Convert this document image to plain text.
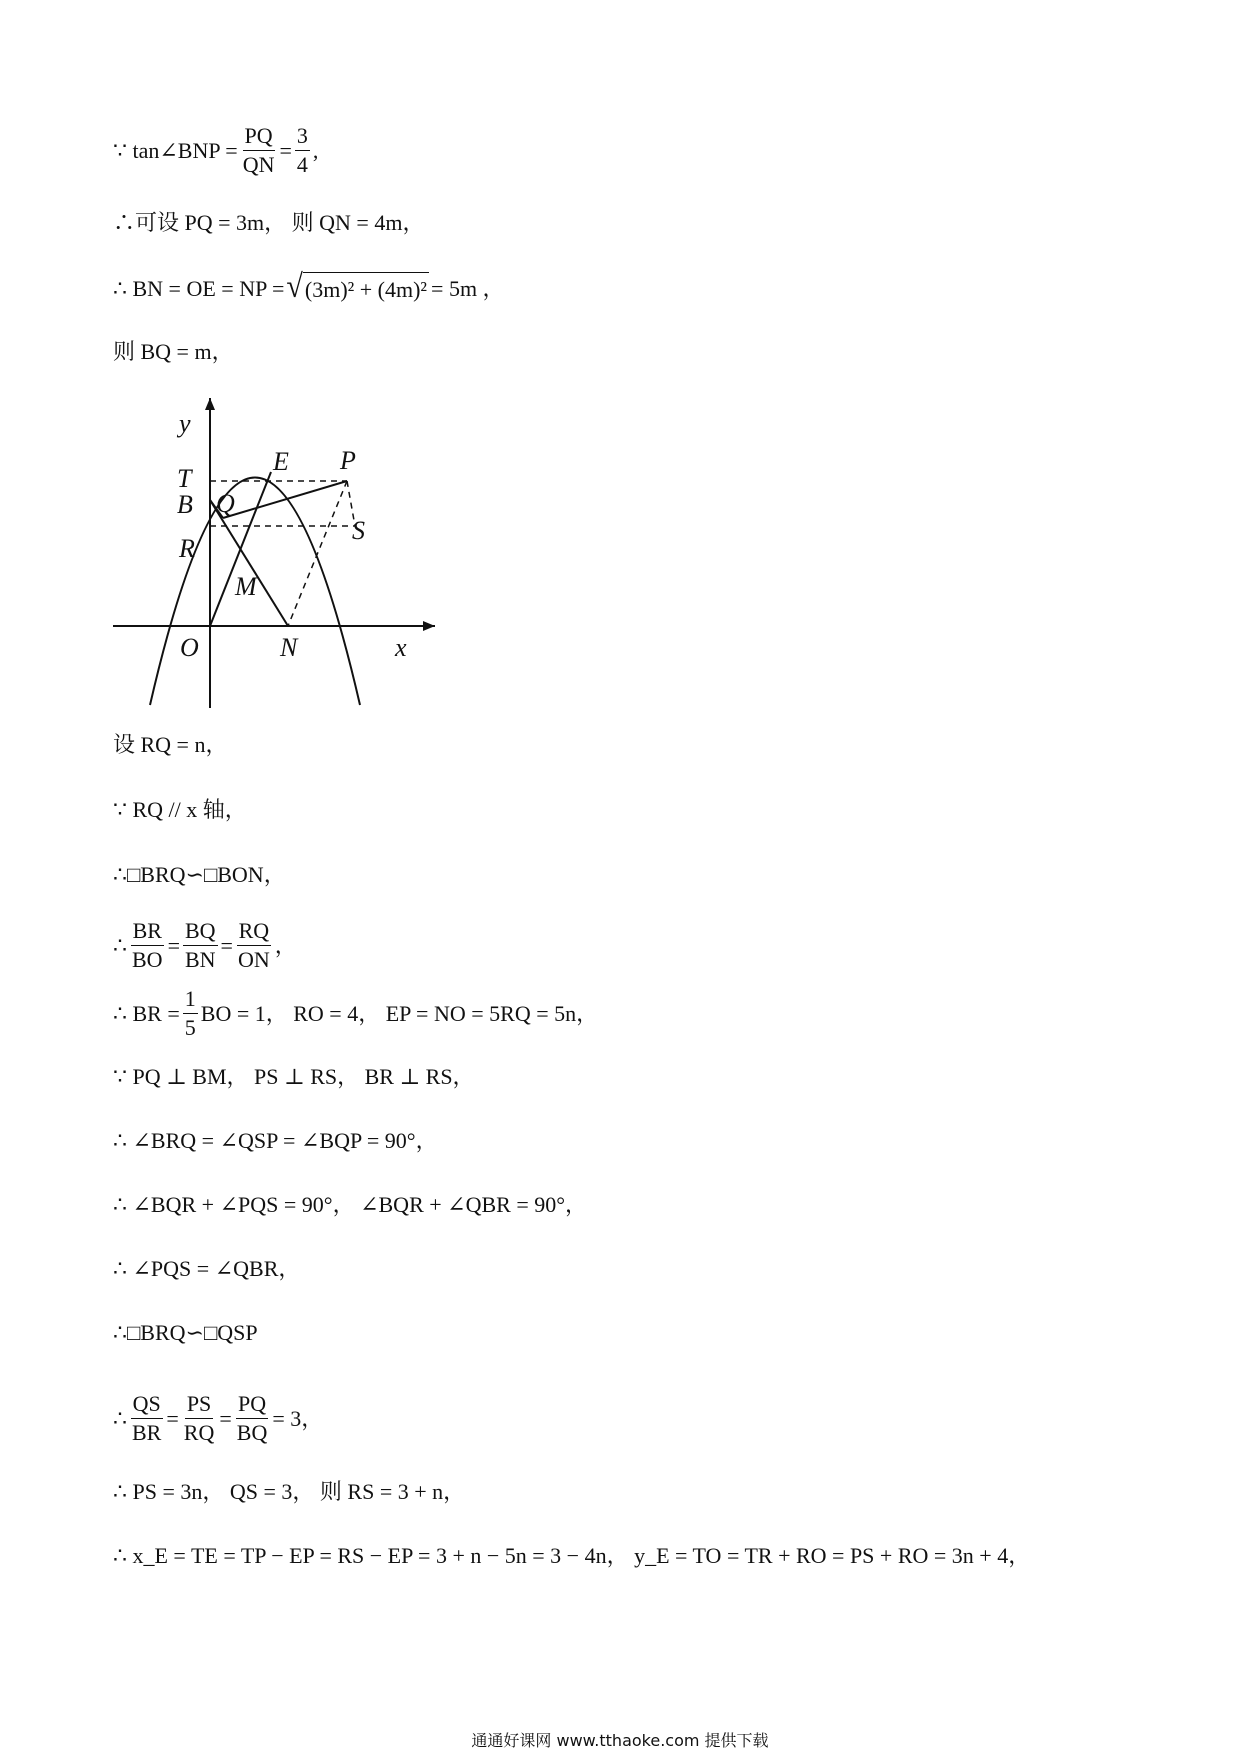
∵ tan∠BNP = $\frac{PQ}{QN} = \frac{3}{4}$ ,
∴可设 PQ = 3m， 则 QN = 4m，
∴ BN = OE = NP = √ (3m)² + (4m)² = 5m ，
则 BQ = m，
y
x
T
B Q
R
E P
S
M
O	N
设 RQ = n，
∵ RQ // x 轴，
∴□BRQ∽□BON，
∴ $\frac{BR}{BO} = \frac{BQ}{BN} = \frac{RQ}{ON}$ ，
∴ BR = $\frac{1}{5}$ BO = 1， RO = 4， EP = NO = 5RQ = 5n，
∵ PQ ⊥ BM， PS ⊥ RS， BR ⊥ RS，
∴ ∠BRQ = ∠QSP = ∠BQP = 90°，
∴ ∠BQR + ∠PQS = 90°， ∠BQR + ∠QBR = 90°，
∴ ∠PQS = ∠QBR，
∴□BRQ∽□QSP
∴ $\frac{QS}{BR} = \frac{PS}{RQ} = \frac{PQ}{BQ} = 3$，
∴ PS = 3n， QS = 3， 则 RS = 3 + n，
∴ x_E = TE = TP − EP = RS − EP = 3 + n − 5n = 3 − 4n， y_E = TO = TR + RO = PS + RO = 3n + 4，
通通好课网 www.tthaoke.com 提供下载
